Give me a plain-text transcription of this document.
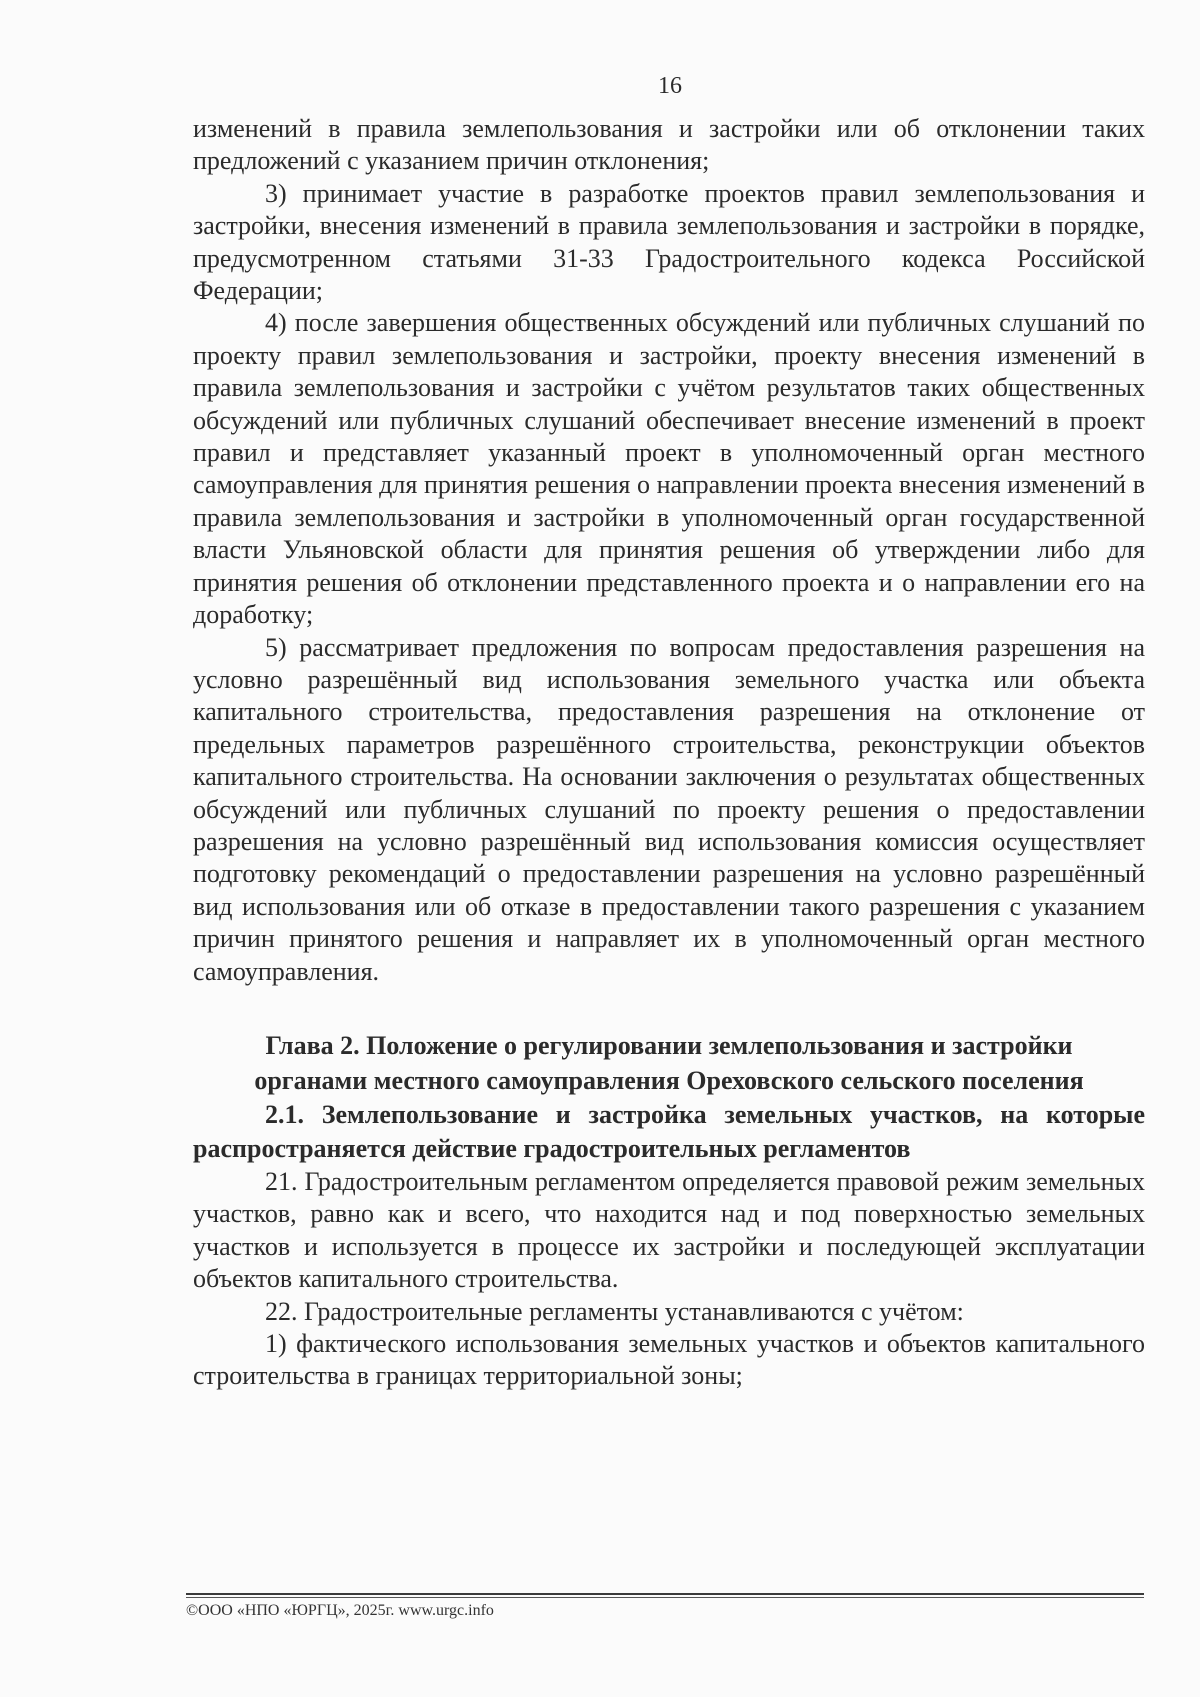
16

изменений в правила землепользования и застройки или об отклонении таких предложений с указанием причин отклонения;

3) принимает участие в разработке проектов правил землепользования и застройки, внесения изменений в правила землепользования и застройки в порядке, предусмотренном статьями 31-33 Градостроительного кодекса Российской Федерации;

4) после завершения общественных обсуждений или публичных слушаний по проекту правил землепользования и застройки, проекту внесения изменений в правила землепользования и застройки с учётом результатов таких общественных обсуждений или публичных слушаний обеспечивает внесение изменений в проект правил и представляет указанный проект в уполномоченный орган местного самоуправления для принятия решения о направлении проекта внесения изменений в правила землепользования и застройки в уполномоченный орган государственной власти Ульяновской области для принятия решения об утверждении либо для принятия решения об отклонении представленного проекта и о направлении его на доработку;

5) рассматривает предложения по вопросам предоставления разрешения на условно разрешённый вид использования земельного участка или объекта капитального строительства, предоставления разрешения на отклонение от предельных параметров разрешённого строительства, реконструкции объектов капитального строительства. На основании заключения о результатах общественных обсуждений или публичных слушаний по проекту решения о предоставлении разрешения на условно разрешённый вид использования комиссия осуществляет подготовку рекомендаций о предоставлении разрешения на условно разрешённый вид использования или об отказе в предоставлении такого разрешения с указанием причин принятого решения и направляет их в уполномоченный орган местного самоуправления.

Глава 2. Положение о регулировании землепользования и застройки
органами местного самоуправления Ореховского сельского поселения

2.1. Землепользование и застройка земельных участков, на которые распространяется действие градостроительных регламентов

21. Градостроительным регламентом определяется правовой режим земельных участков, равно как и всего, что находится над и под поверхностью земельных участков и используется в процессе их застройки и последующей эксплуатации объектов капитального строительства.

22. Градостроительные регламенты устанавливаются с учётом:

1) фактического использования земельных участков и объектов капитального строительства в границах территориальной зоны;

©ООО «НПО «ЮРГЦ», 2025г. www.urgc.info
